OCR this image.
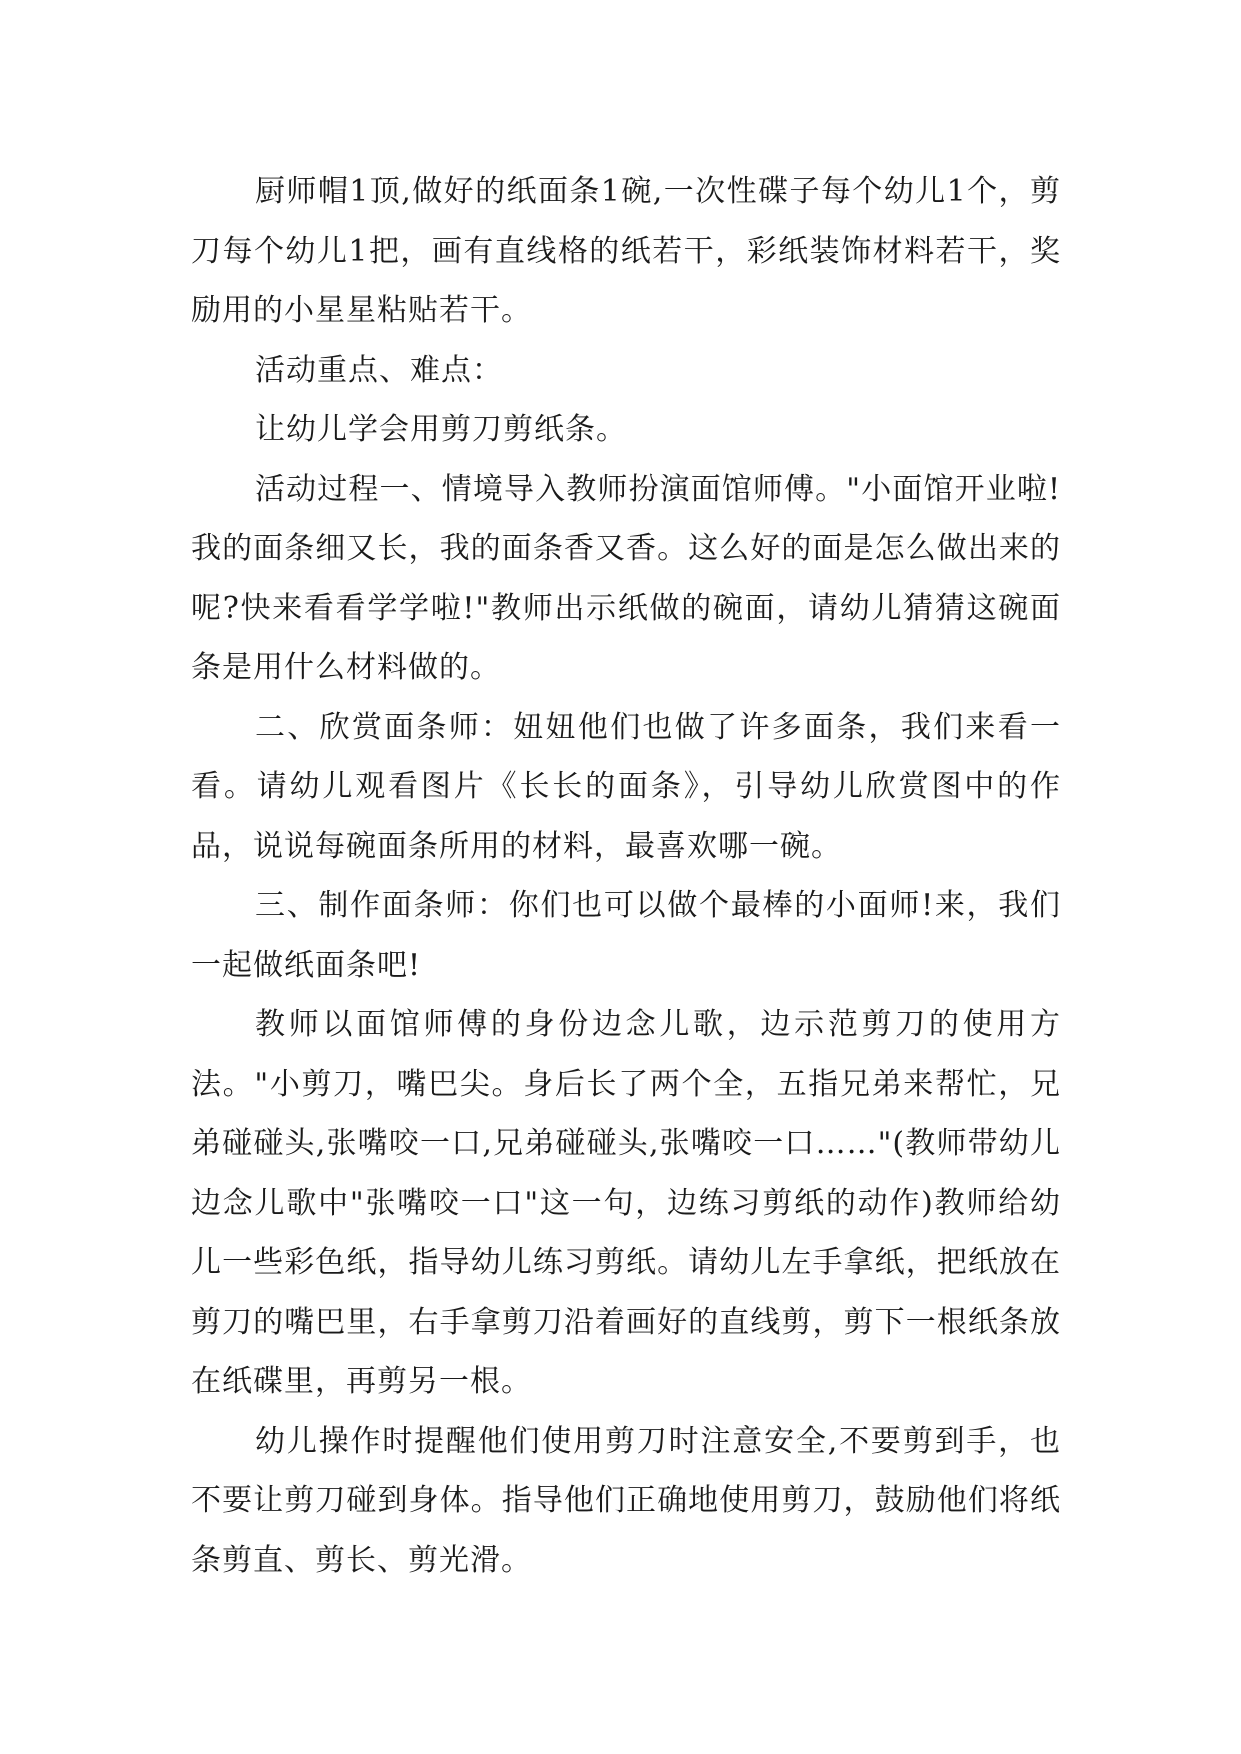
厨师帽1顶,做好的纸面条1碗,一次性碟子每个幼儿1个，剪刀每个幼儿1把，画有直线格的纸若干，彩纸装饰材料若干，奖励用的小星星粘贴若干。

活动重点、难点：

让幼儿学会用剪刀剪纸条。

活动过程一、情境导入教师扮演面馆师傅。"小面馆开业啦!我的面条细又长，我的面条香又香。这么好的面是怎么做出来的呢?快来看看学学啦!"教师出示纸做的碗面，请幼儿猜猜这碗面条是用什么材料做的。

二、欣赏面条师：妞妞他们也做了许多面条，我们来看一看。请幼儿观看图片《长长的面条》，引导幼儿欣赏图中的作品，说说每碗面条所用的材料，最喜欢哪一碗。

三、制作面条师：你们也可以做个最棒的小面师!来，我们一起做纸面条吧!

教师以面馆师傅的身份边念儿歌，边示范剪刀的使用方法。"小剪刀，嘴巴尖。身后长了两个全，五指兄弟来帮忙，兄弟碰碰头,张嘴咬一口,兄弟碰碰头,张嘴咬一口……"(教师带幼儿边念儿歌中"张嘴咬一口"这一句，边练习剪纸的动作)教师给幼儿一些彩色纸，指导幼儿练习剪纸。请幼儿左手拿纸，把纸放在剪刀的嘴巴里，右手拿剪刀沿着画好的直线剪，剪下一根纸条放在纸碟里，再剪另一根。

幼儿操作时提醒他们使用剪刀时注意安全,不要剪到手，也不要让剪刀碰到身体。指导他们正确地使用剪刀，鼓励他们将纸条剪直、剪长、剪光滑。
